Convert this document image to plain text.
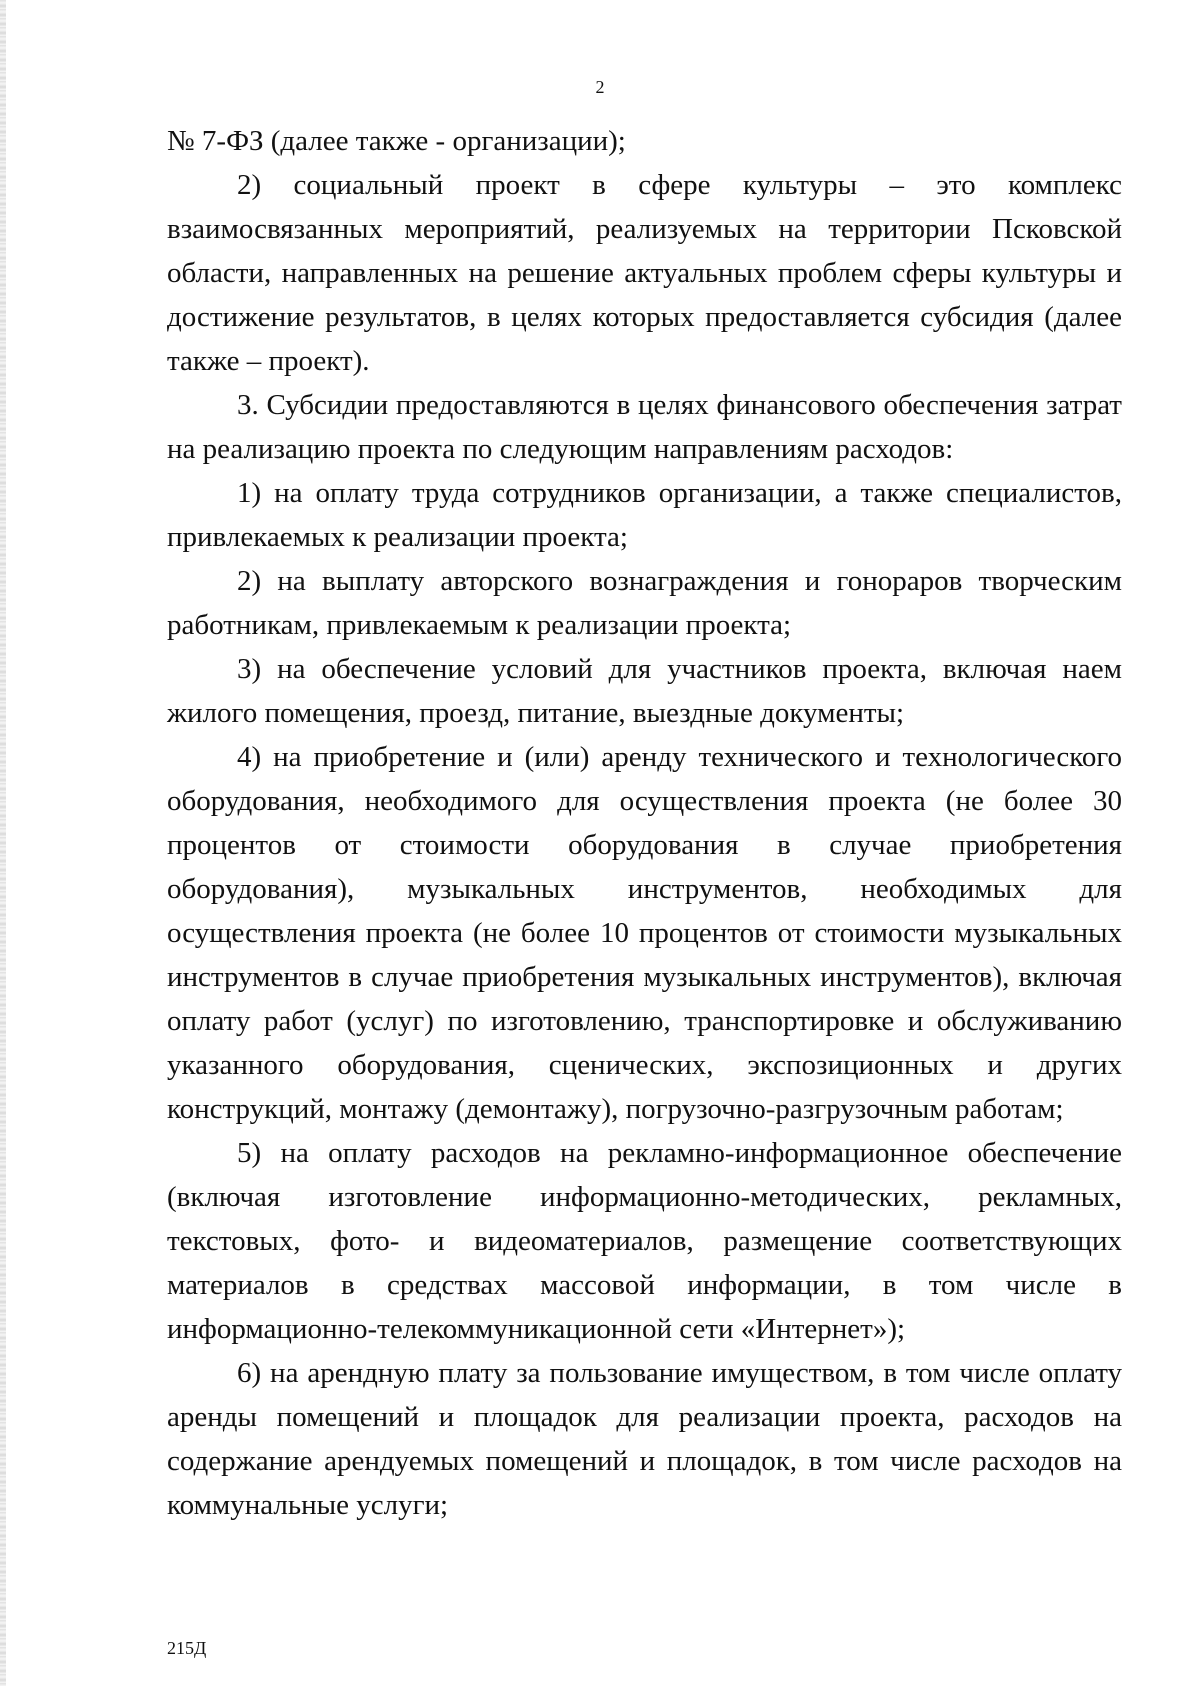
2

№ 7-ФЗ (далее также - организации);

2) социальный проект в сфере культуры – это комплекс взаимосвязанных мероприятий, реализуемых на территории Псковской области, направленных на решение актуальных проблем сферы культуры и достижение результатов, в целях которых предоставляется субсидия (далее также – проект).

3. Субсидии предоставляются в целях финансового обеспечения затрат на реализацию проекта по следующим направлениям расходов:

1) на оплату труда сотрудников организации, а также специалистов, привлекаемых к реализации проекта;

2) на выплату авторского вознаграждения и гонораров творческим работникам, привлекаемым к реализации проекта;

3) на обеспечение условий для участников проекта, включая наем жилого помещения, проезд, питание, выездные документы;

4) на приобретение и (или) аренду технического и технологического оборудования, необходимого для осуществления проекта (не более 30 процентов от стоимости оборудования в случае приобретения оборудования), музыкальных инструментов, необходимых для осуществления проекта (не более 10 процентов от стоимости музыкальных инструментов в случае приобретения музыкальных инструментов), включая оплату работ (услуг) по изготовлению, транспортировке и обслуживанию указанного оборудования, сценических, экспозиционных и других конструкций, монтажу (демонтажу), погрузочно-разгрузочным работам;

5) на оплату расходов на рекламно-информационное обеспечение (включая изготовление информационно-методических, рекламных, текстовых, фото- и видеоматериалов, размещение соответствующих материалов в средствах массовой информации, в том числе в информационно-телекоммуникационной сети «Интернет»);

6) на арендную плату за пользование имуществом, в том числе оплату аренды помещений и площадок для реализации проекта, расходов на содержание арендуемых помещений и площадок, в том числе расходов на коммунальные услуги;

215Д
